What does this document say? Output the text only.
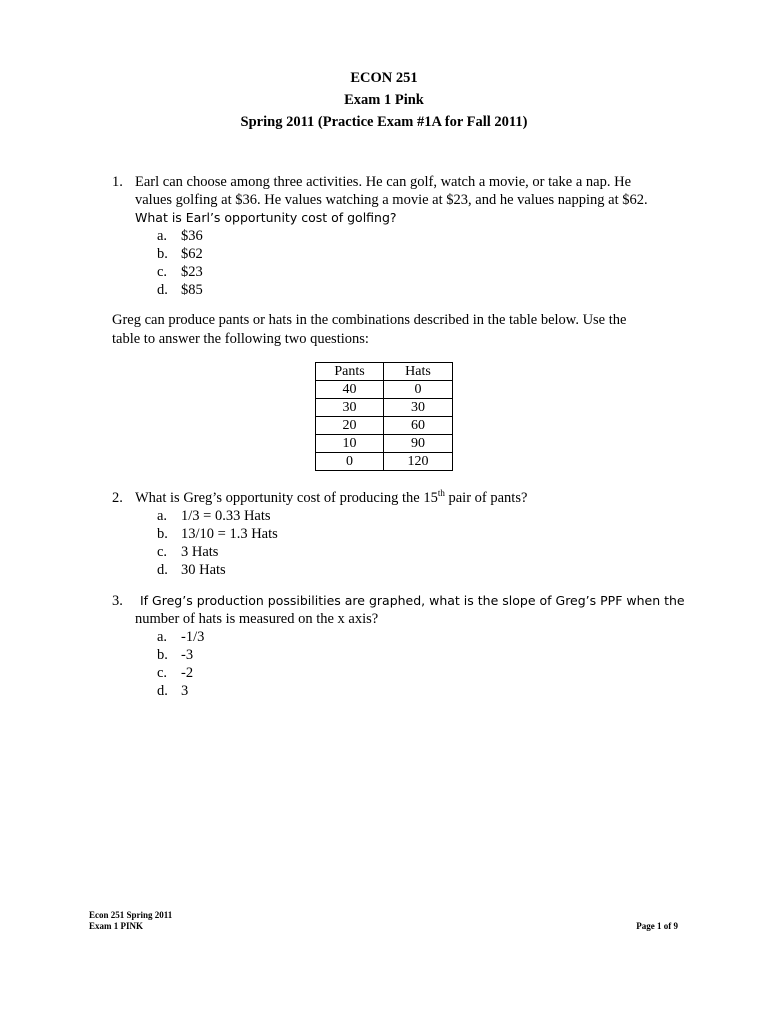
ECON 251
Exam 1 Pink
Spring 2011 (Practice Exam #1A for Fall 2011)
1. Earl can choose among three activities. He can golf, watch a movie, or take a nap. He
values golfing at $36. He values watching a movie at $23, and he values napping at $62.
What is Earl’s opportunity cost of golfing?
a. $36
b. $62
c. $23
d. $85
Greg can produce pants or hats in the combinations described in the table below. Use the
table to answer the following two questions:
Pants	Hats
40	0
30	30
20	60
10	90
0	120
2. What is Greg’s opportunity cost of producing the 15th pair of pants?
a. 1/3 = 0.33 Hats
b. 13/10 = 1.3 Hats
c. 3 Hats
d. 30 Hats
3. If Greg’s production possibilities are graphed, what is the slope of Greg’s PPF when the
number of hats is measured on the x axis?
a. -1/3
b. -3
c. -2
d. 3
Econ 251 Spring 2011
Exam 1 PINK	Page 1 of 9
